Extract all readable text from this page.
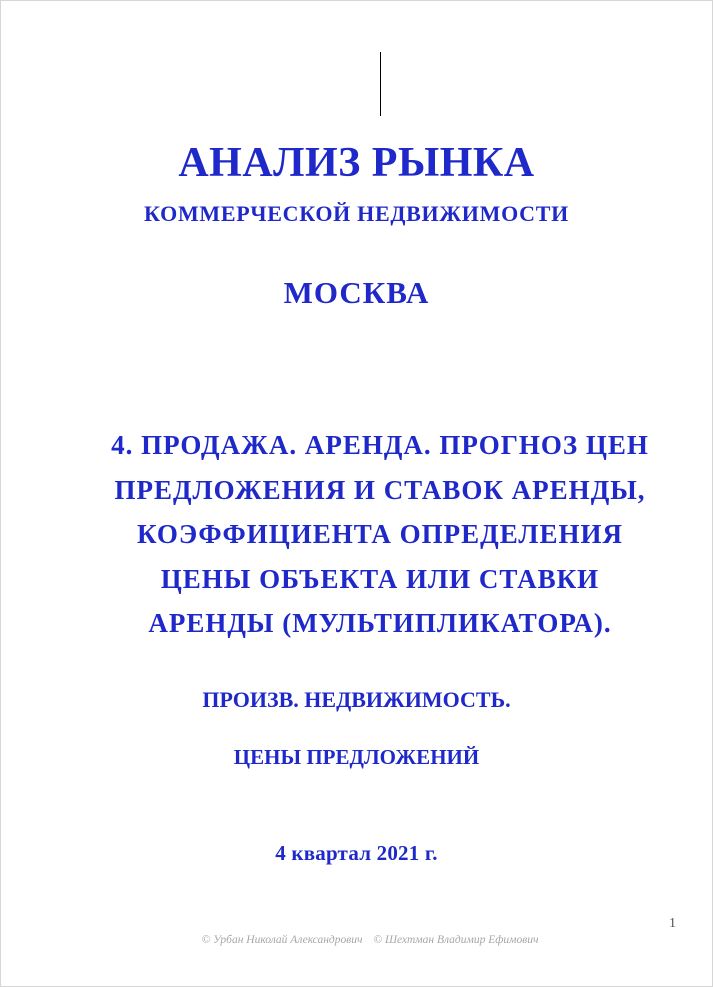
АНАЛИЗ РЫНКА
КОММЕРЧЕСКОЙ НЕДВИЖИМОСТИ
МОСКВА
4. ПРОДАЖА. АРЕНДА. ПРОГНОЗ ЦЕН
ПРЕДЛОЖЕНИЯ И СТАВОК АРЕНДЫ,
КОЭФФИЦИЕНТА ОПРЕДЕЛЕНИЯ
ЦЕНЫ ОБЪЕКТА ИЛИ СТАВКИ
АРЕНДЫ (МУЛЬТИПЛИКАТОРА).
ПРОИЗВ. НЕДВИЖИМОСТЬ.
ЦЕНЫ ПРЕДЛОЖЕНИЙ
4 квартал 2021 г.
1
© Урбан Николай Александрович © Шехтман Владимир Ефимович
